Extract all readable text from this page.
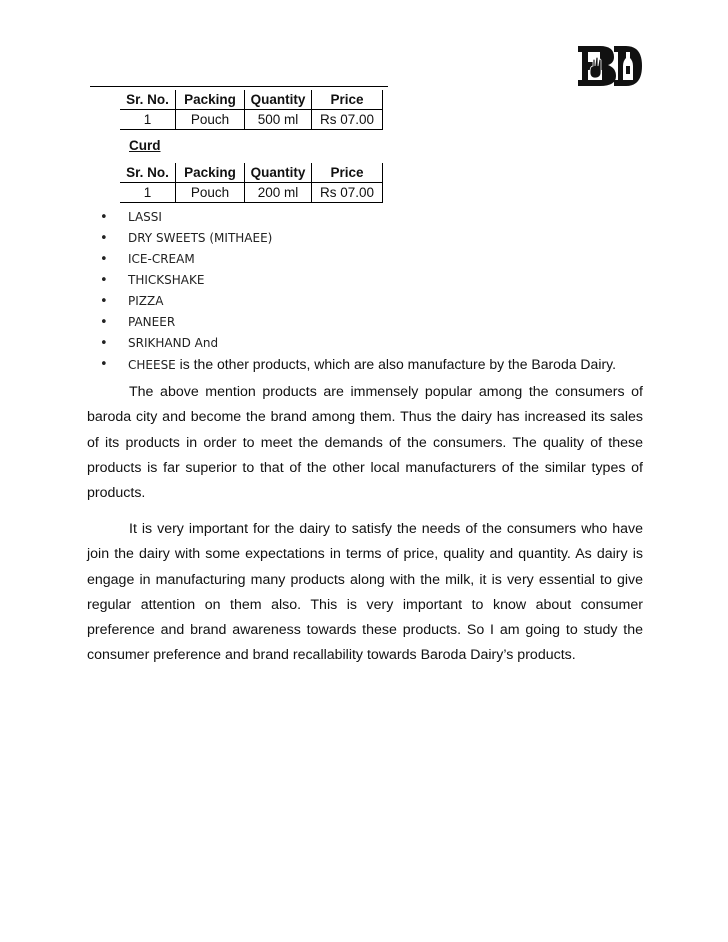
Sr. No.	Packing	Quantity	Price
1	Pouch	500 ml	Rs 07.00
Curd
Sr. No.	Packing	Quantity	Price
1	Pouch	200 ml	Rs 07.00
• LASSI
• DRY SWEETS (MITHAEE)
• ICE-CREAM
• THICKSHAKE
• PIZZA
• PANEER
• SRIKHAND And
• CHEESE is the other products, which are also manufacture by the Baroda Dairy.

The above mention products are immensely popular among the consumers of baroda city and become the brand among them. Thus the dairy has increased its sales of its products in order to meet the demands of the consumers. The quality of these products is far superior to that of the other local manufacturers of the similar types of products.

It is very important for the dairy to satisfy the needs of the consumers who have join the dairy with some expectations in terms of price, quality and quantity. As dairy is engage in manufacturing many products along with the milk, it is very essential to give regular attention on them also. This is very important to know about consumer preference and brand awareness towards these products. So I am going to study the consumer preference and brand recallability towards Baroda Dairy’s products.
